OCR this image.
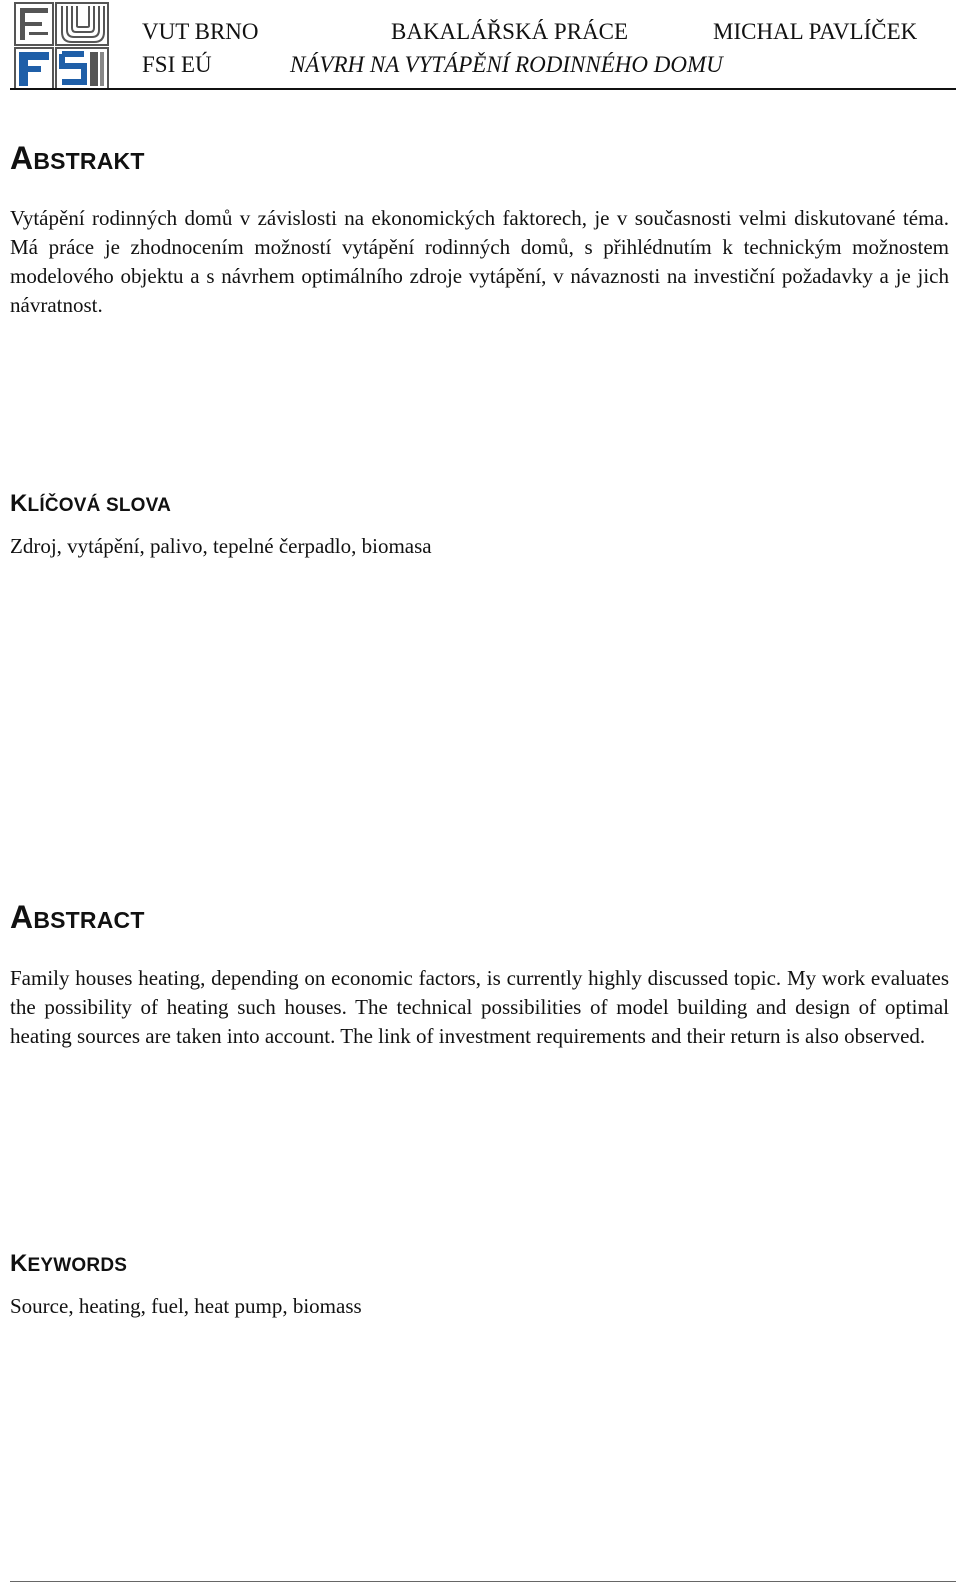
VUT BRNO	BAKALÁŘSKÁ PRÁCE	MICHAL PAVLÍČEK
FSI EÚ	NÁVRH NA VYTÁPĚNÍ RODINNÉHO DOMU
ABSTRAKT
Vytápění rodinných domů v závislosti na ekonomických faktorech, je v současnosti velmi diskutované téma. Má práce je zhodnocením možností vytápění rodinných domů, s přihlédnutím k technickým možnostem modelového objektu a s návrhem optimálního zdroje vytápění, v návaznosti na investiční požadavky a je jich návratnost.
KLÍČOVÁ SLOVA
Zdroj, vytápění, palivo, tepelné čerpadlo, biomasa
ABSTRACT
Family houses heating, depending on economic factors, is currently highly discussed topic. My work evaluates the possibility of heating such houses. The technical possibilities of model building and design of optimal heating sources are taken into account. The link of investment requirements and their return is also observed.
KEYWORDS
Source, heating, fuel, heat pump, biomass
